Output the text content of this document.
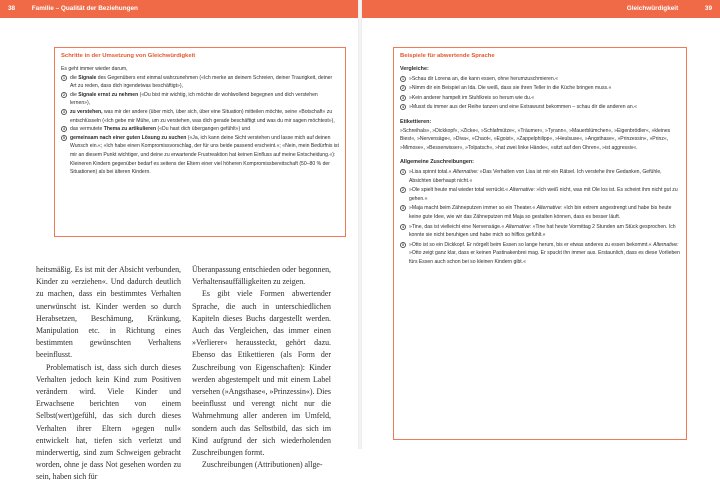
38	Familie – Qualität der Beziehungen	Gleichwürdigkeit	39
Schritte in der Umsetzung von Gleichwürdigkeit

Es geht immer wieder darum,

1 die Signale des Gegenübers erst einmal wahrzunehmen («Ich merke an deinem Schreien, deiner Traurigkeit, deiner Art zu reden, dass dich irgendetwas beschäftigt»),
2 die Signale ernst zu nehmen («Du bist mir wichtig, ich möchte dir wohlwollend begegnen und dich verstehen lernen»),
3 zu verstehen, was mir der andere (über mich, über sich, über eine Situation) mitteilen möchte, seine »Botschaft« zu entschlüsseln («Ich gebe mir Mühe, um zu verstehen, was dich gerade beschäftigt und was du mir sagen möchtest»),
4 das vermutete Thema zu artikulieren («Du hast dich übergangen gefühlt») und
5 gemeinsam nach einer guten Lösung zu suchen («Ja, ich kann deine Sicht verstehen und lasse mich auf deinen Wunsch ein.«; «Ich habe einen Kompromissvorschlag, der für uns beide passend erscheint.«; «Nein, mein Bedürfnis ist mir an diesem Punkt wichtiger, und deine zu erwartende Frustreaktion hat keinen Einfluss auf meine Entscheidung.«): Kleineren Kindern gegenüber bedarf es seitens der Eltern einer viel höheren Kompromissbereitschaft (50–80 % der Situationen) als bei älteren Kindern.

heitsmäßig. Es ist mit der Absicht verbunden, Kinder zu »erziehen«. Und dadurch deutlich zu machen, dass ein bestimmtes Verhalten unerwünscht ist. Kinder werden so durch Herabsetzen, Beschämung, Kränkung, Manipulation etc. in Richtung eines bestimmten gewünschten Verhaltens beeinflusst.

Problematisch ist, dass sich durch dieses Verhalten jedoch kein Kind zum Positiven verändern wird. Viele Kinder und Erwachsene berichten von einem Selbst(wert)gefühl, das sich durch dieses Verhalten ihrer Eltern »gegen null« entwickelt hat, tiefen sich verletzt und minderwertig, sind zum Schweigen gebracht worden, ohne je dass Not gesehen worden zu sein, haben sich für

Überanpassung entschieden oder begonnen, Verhaltensauffälligkeiten zu zeigen.

Es gibt viele Formen abwertender Sprache, die auch in unterschiedlichen Kapiteln dieses Buchs dargestellt werden. Auch das Vergleichen, das immer einen »Verlierer« heraussteckt, gehört dazu. Ebenso das Etikettieren (als Form der Zuschreibung von Eigenschaften): Kinder werden abgestempelt und mit einem Label versehen (»Angsthase«, »Prinzessin«). Dies beeinflusst und verengt nicht nur die Wahrnehmung aller anderen im Umfeld, sondern auch das Selbstbild, das sich im Kind aufgrund der sich wiederholenden Zuschreibungen formt.

Zuschreibungen (Attributionen) allge-

Beispiele für abwertende Sprache
Vergleiche:
1 »Schau dir Lorena an, die kann essen, ohne herumzuschmieren.«
2 »Nimm dir ein Beispiel an Ida. Die weiß, dass sie ihren Teller in die Küche bringen muss.«
3 »Kein anderer hampelt im Stuhlkreis so herum wie du.«
4 »Musst du immer aus der Reihe tanzen und eine Extrawurst bekommen – schau dir die anderen an.«
Etikettieren:

»Schreihals«, »Dickkopf«, »Zicke«, »Schlafmütze«, »Träumer«, »Tyrann«, »Mauerblümchen«, »Eigenbrödler«, »kleines Biest«, »Nervensäge«, »Diva«, »Chaot«, »Egoist«, »Zappelphilipp«, »Heulsuse«, »Angsthase«, »Prinzessin«, »Prinz«, »Mimose«, »Besserwisser«, »Tolpatsch«, »hat zwei linke Hände«, »sitzt auf den Ohren«, »ist aggressiv«.

Allgemeine Zuschreibungen:
1 »Lisa spinnt total.« Alternative: »Das Verhalten von Lisa ist mir ein Rätsel. Ich verstehe ihre Gedanken, Gefühle, Absichten überhaupt nicht.«
2 »Ole spielt heute mal wieder total verrückt.« Alternative: »Ich weiß nicht, was mit Ole los ist. Es scheint ihm nicht gut zu gehen.«
3 »Maja macht beim Zähneputzen immer so ein Theater.« Alternative: »Ich bin extrem angestrengt und habe bis heute keine gute Idee, wie wir das Zähneputzen mit Maja so gestalten können, dass es besser läuft.
4 »Tine, das ist vielleicht eine Nervensäge.« Alternative: »Tine hat heute Vormittag 2 Stunden am Stück gesprochen. Ich konnte sie nicht beruhigen und habe mich so hilflos gefühlt.«
5 »Otto ist so ein Dickkopf. Er nörgelt beim Essen so lange herum, bis er etwas anderes zu essen bekommt.« Alternative: »Otto zeigt ganz klar, dass er keinen Pastinakenbrei mag. Er spuckt ihn immer aus. Erstaunlich, dass es diese Vorlieben fürs Essen auch schon bei so kleinen Kindern gibt.«
